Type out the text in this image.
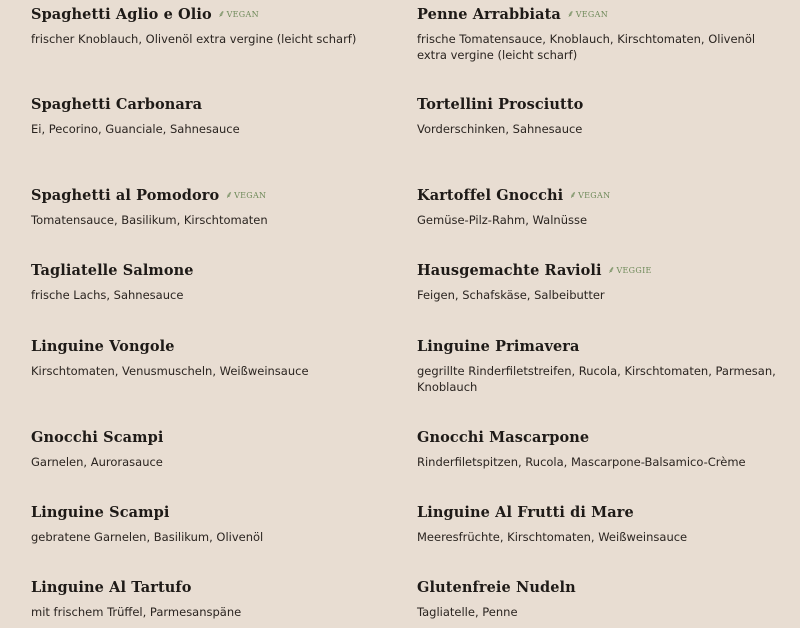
Spaghetti Aglio e Olio ⸙VEGAN
frischer Knoblauch, Olivenöl extra vergine (leicht scharf)
Spaghetti Carbonara
Ei, Pecorino, Guanciale, Sahnesauce
Spaghetti al Pomodoro ⸙VEGAN
Tomatensauce, Basilikum, Kirschtomaten
Tagliatelle Salmone
frische Lachs, Sahnesauce
Linguine Vongole
Kirschtomaten, Venusmuscheln, Weißweinsauce
Gnocchi Scampi
Garnelen, Aurorasauce
Linguine Scampi
gebratene Garnelen, Basilikum, Olivenöl
Linguine Al Tartufo
mit frischem Trüffel, Parmesanspäne
Penne Arrabbiata ⸙VEGAN
frische Tomatensauce, Knoblauch, Kirschtomaten, Olivenöl extra vergine (leicht scharf)
Tortellini Prosciutto
Vorderschinken, Sahnesauce
Kartoffel Gnocchi ⸙VEGAN
Gemüse-Pilz-Rahm, Walnüsse
Hausgemachte Ravioli ⸙VEGGIE
Feigen, Schafskäse, Salbeibutter
Linguine Primavera
gegrillte Rinderfiletstreifen, Rucola, Kirschtomaten, Parmesan, Knoblauch
Gnocchi Mascarpone
Rinderfiletspitzen, Rucola, Mascarpone-Balsamico-Crème
Linguine Al Frutti di Mare
Meeresfrüchte, Kirschtomaten, Weißweinsauce
Glutenfreie Nudeln
Tagliatelle, Penne
